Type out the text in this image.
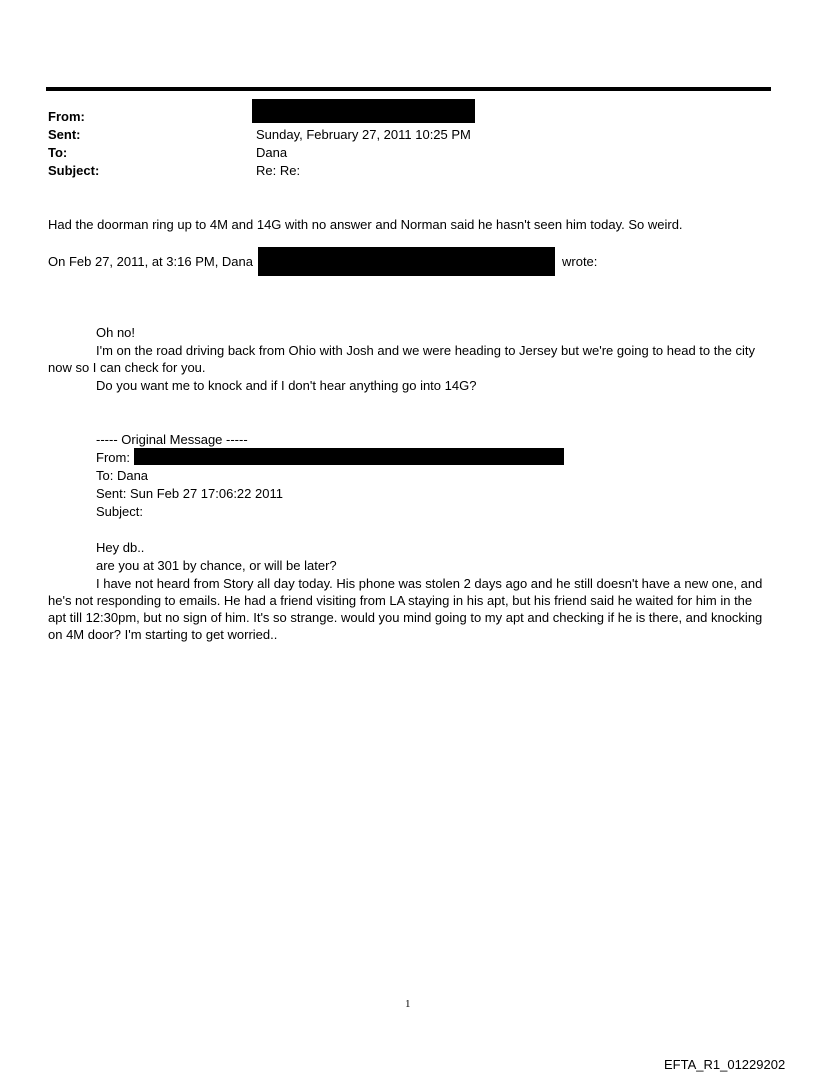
From:
Sent:	Sunday, February 27, 2011 10:25 PM
To:	Dana
Subject:	Re: Re:
Had the doorman ring up to 4M and 14G with no answer and Norman said he hasn't seen him today. So weird.
On Feb 27, 2011, at 3:16 PM, Dana	wrote:
Oh no!
I'm on the road driving back from Ohio with Josh and we were heading to Jersey but we're going to head to the city now so I can check for you.
Do you want me to knock and if I don't hear anything go into 14G?
----- Original Message -----
From:
To: Dana
Sent: Sun Feb 27 17:06:22 2011
Subject:
Hey db..
are you at 301 by chance, or will be later?
I have not heard from Story all day today. His phone was stolen 2 days ago and he still doesn't have a new one, and he's not responding to emails. He had a friend visiting from LA staying in his apt, but his friend said he waited for him in the apt till 12:30pm, but no sign of him. It's so strange. would you mind going to my apt and checking if he is there, and knocking on 4M door? I'm starting to get worried..
1
EFTA_R1_01229202
